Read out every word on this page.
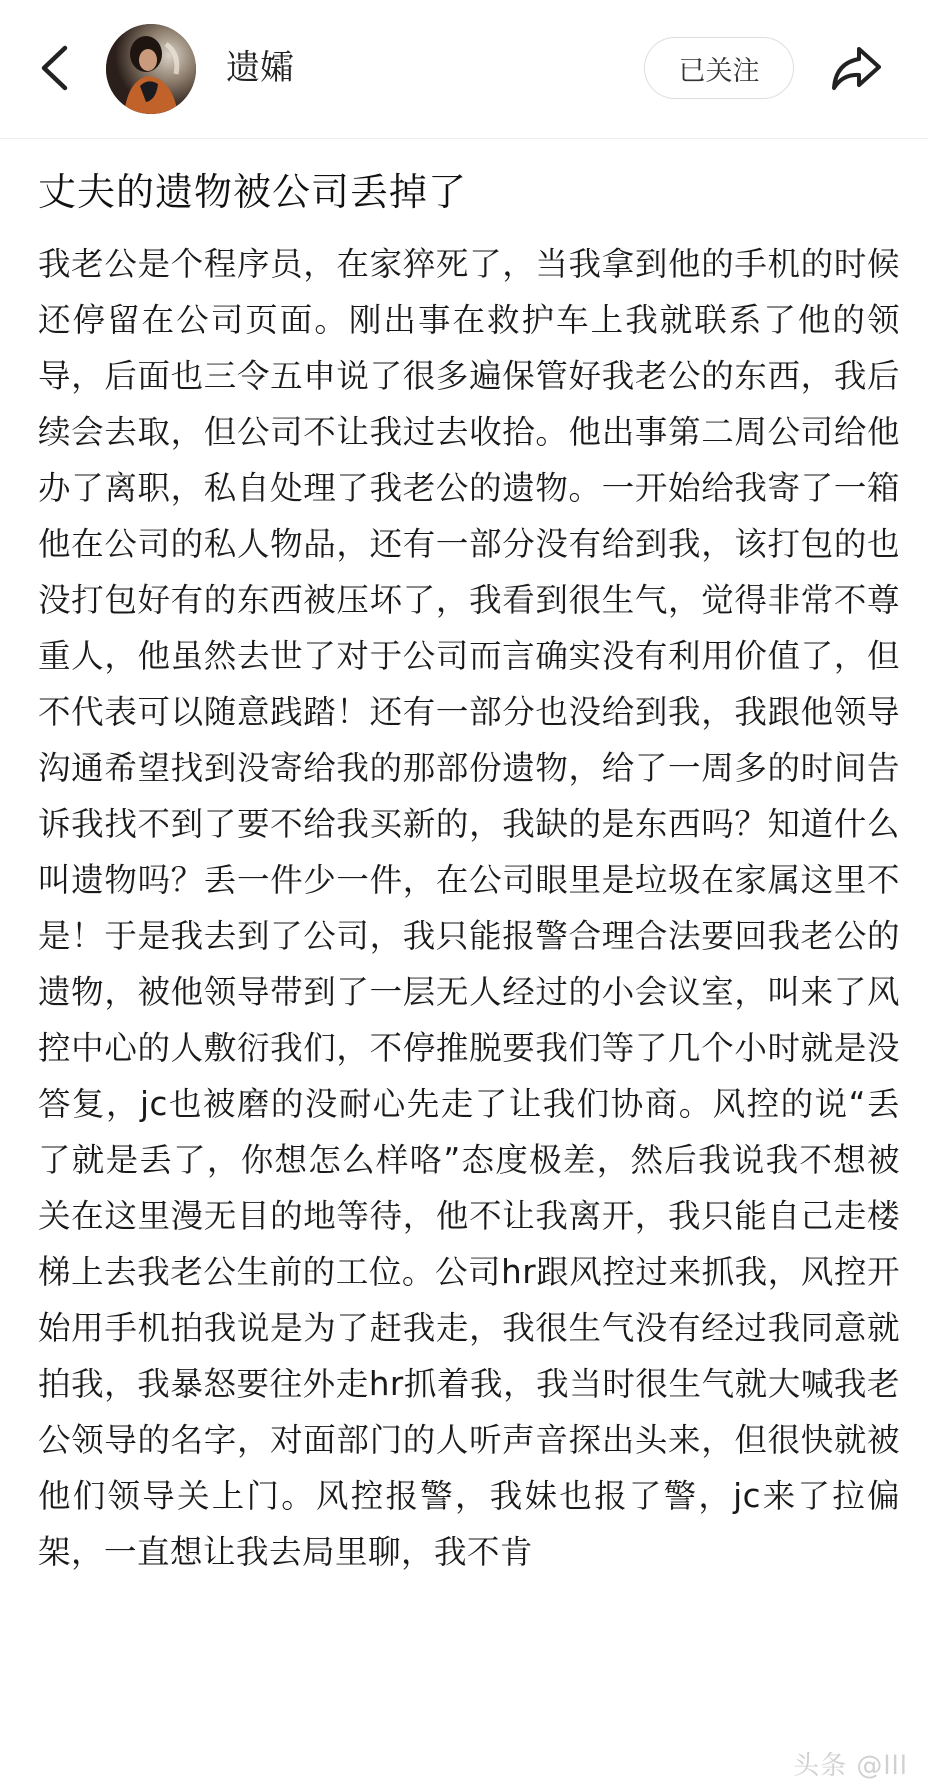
遗孀	已关注
丈夫的遗物被公司丢掉了

我老公是个程序员，在家猝死了，当我拿到他的手机的时候还停留在公司页面。刚出事在救护车上我就联系了他的领导，后面也三令五申说了很多遍保管好我老公的东西，我后续会去取，但公司不让我过去收拾。他出事第二周公司给他办了离职，私自处理了我老公的遗物。一开始给我寄了一箱他在公司的私人物品，还有一部分没有给到我，该打包的也没打包好有的东西被压坏了，我看到很生气，觉得非常不尊重人，他虽然去世了对于公司而言确实没有利用价值了，但不代表可以随意践踏！还有一部分也没给到我，我跟他领导沟通希望找到没寄给我的那部份遗物，给了一周多的时间告诉我找不到了要不给我买新的，我缺的是东西吗？知道什么叫遗物吗？丢一件少一件，在公司眼里是垃圾在家属这里不是！于是我去到了公司，我只能报警合理合法要回我老公的遗物，被他领导带到了一层无人经过的小会议室，叫来了风控中心的人敷衍我们，不停推脱要我们等了几个小时就是没答复，jc也被磨的没耐心先走了让我们协商。风控的说“丢了就是丢了，你想怎么样咯”态度极差，然后我说我不想被关在这里漫无目的地等待，他不让我离开，我只能自己走楼梯上去我老公生前的工位。公司hr跟风控过来抓我，风控开始用手机拍我说是为了赶我走，我很生气没有经过我同意就拍我，我暴怒要往外走hr抓着我，我当时很生气就大喊我老公领导的名字，对面部门的人听声音探出头来，但很快就被他们领导关上门。风控报警，我妹也报了警，jc来了拉偏架，一直想让我去局里聊，我不肯

头条 @lll
